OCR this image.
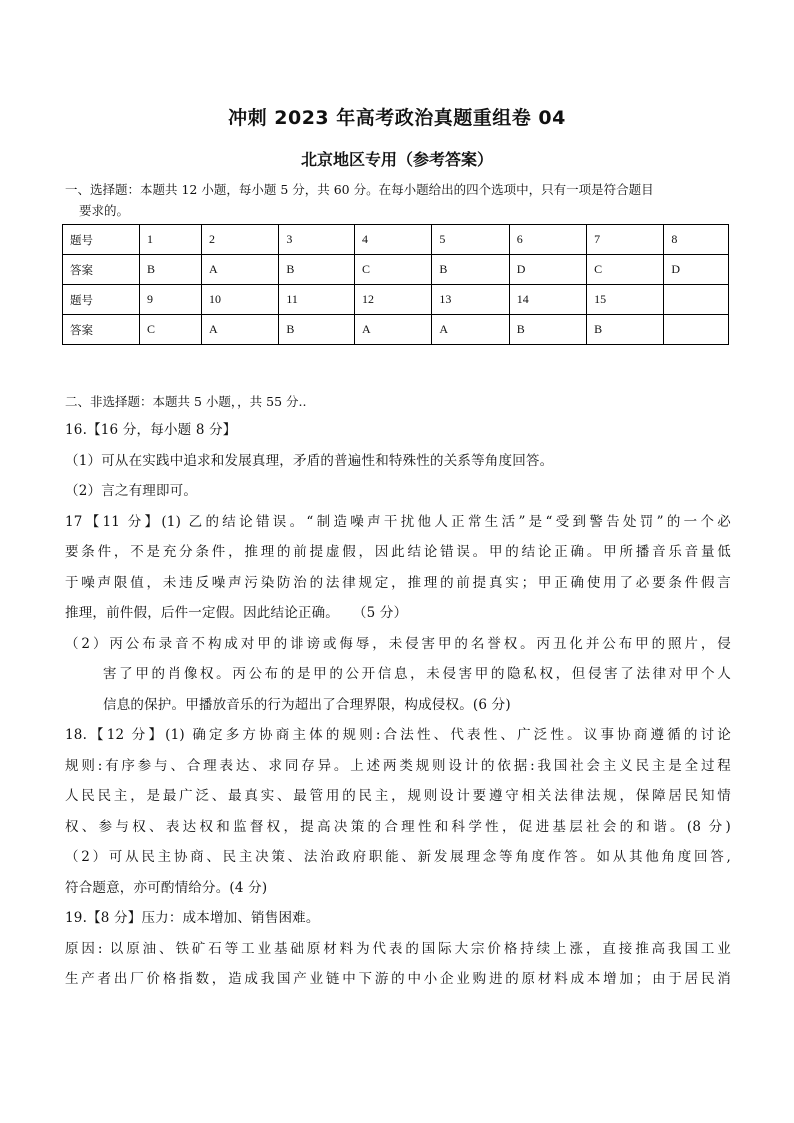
冲刺 2023 年高考政治真题重组卷 04
北京地区专用（参考答案）
一、选择题：本题共 12 小题，每小题 5 分，共 60 分。在每小题给出的四个选项中，只有一项是符合题目
要求的。
题号	1	2	3	4	5	6	7	8
答案	B	A	B	C	B	D	C	D
题号	9	10	11	12	13	14	15	
答案	C	A	B	A	A	B	B	
二、非选择题：本题共 5 小题，，共 55 分..

16.【16 分，每小题 8 分】

（1）可从在实践中追求和发展真理，矛盾的普遍性和特殊性的关系等角度回答。

（2）言之有理即可。

17【11 分】(1) 乙的结论错误。“制造噪声干扰他人正常生活”是“受到警告处罚”的一个必

要条件，不是充分条件，推理的前提虚假，因此结论错误。甲的结论正确。甲所播音乐音量低

于噪声限值，未违反噪声污染防治的法律规定，推理的前提真实；甲正确使用了必要条件假言

推理，前件假，后件一定假。因此结论正确。　　（5 分）

（2）丙公布录音不构成对甲的诽谤或侮辱，未侵害甲的名誉权。丙丑化并公布甲的照片，侵

害了甲的肖像权。丙公布的是甲的公开信息，未侵害甲的隐私权，但侵害了法律对甲个人

信息的保护。甲播放音乐的行为超出了合理界限，构成侵权。(6 分)

18.【12 分】(1) 确定多方协商主体的规则:合法性、代表性、广泛性。议事协商遵循的讨论

规则:有序参与、合理表达、求同存异。上述两类规则设计的依据:我国社会主义民主是全过程

人民民主，是最广泛、最真实、最管用的民主，规则设计要遵守相关法律法规，保障居民知情

权、参与权、表达权和监督权，提高决策的合理性和科学性，促进基层社会的和谐。(8 分)

（2）可从民主协商、民主决策、法治政府职能、新发展理念等角度作答。如从其他角度回答,

符合题意，亦可酌情给分。(4 分)

19.【8 分】压力：成本增加、销售困难。

原因: 以原油、铁矿石等工业基础原材料为代表的国际大宗价格持续上涨，直接推高我国工业

生产者出厂价格指数，造成我国产业链中下游的中小企业购进的原材料成本增加；由于居民消
